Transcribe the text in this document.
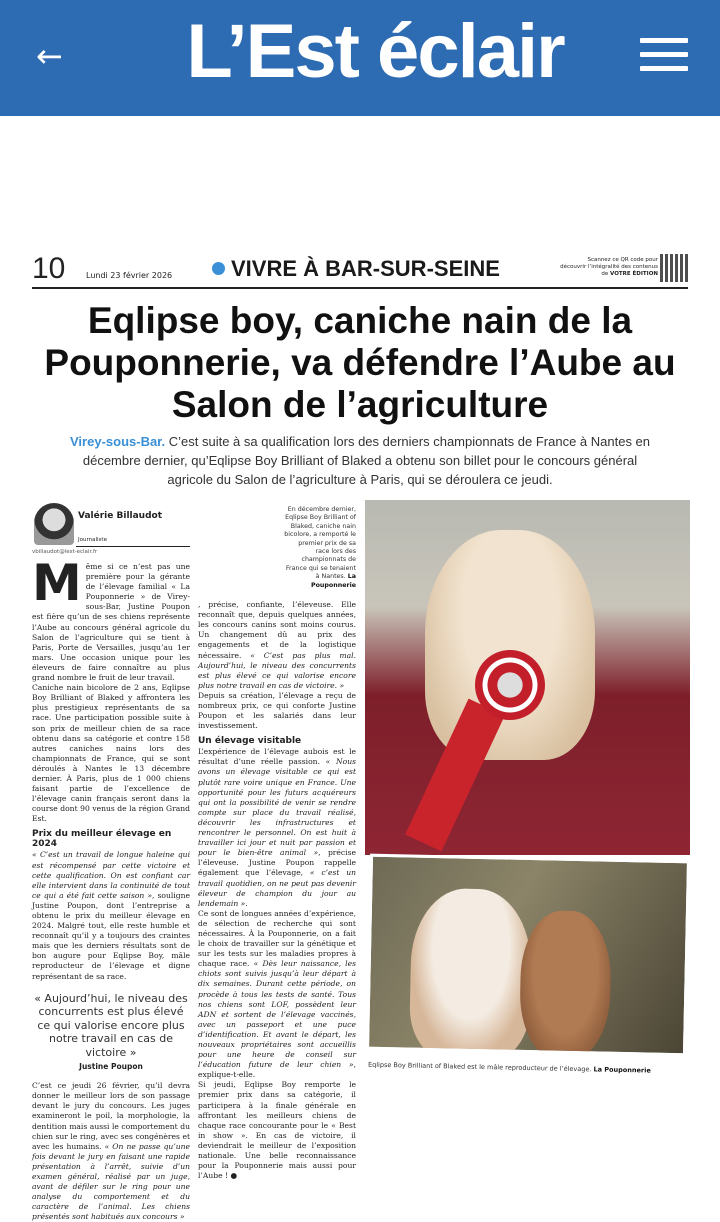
←	L’Est éclair
10	Lundi 23 février 2026	VIVRE À BAR-SUR-SEINE	Scannez ce QR code pour découvrir l’intégralité des contenus de VOTRE ÉDITION
Eqlipse boy, caniche nain de la Pouponnerie, va défendre l’Aube au Salon de l’agriculture
Virey-sous-Bar. C’est suite à sa qualification lors des derniers championnats de France à Nantes en décembre dernier, qu’Eqlipse Boy Brilliant of Blaked a obtenu son billet pour le concours général agricole du Salon de l’agriculture à Paris, qui se déroulera ce jeudi.
Valérie Billaudot
Journaliste
vbillaudot@lest-eclair.fr

Même si ce n’est pas une première pour la gérante de l’élevage familial « La Pouponnerie » de Virey-sous-Bar, Justine Poupon est fière qu’un de ses chiens représente l’Aube au concours général agricole du Salon de l’agriculture qui se tient à Paris, Porte de Versailles, jusqu’au 1er mars. Une occasion unique pour les éleveurs de faire connaître au plus grand nombre le fruit de leur travail.

Caniche nain bicolore de 2 ans, Eqlipse Boy Brilliant of Blaked y affrontera les plus prestigieux représentants de sa race. Une participation possible suite à son prix de meilleur chien de sa race obtenu dans sa catégorie et contre 158 autres caniches nains lors des championnats de France, qui se sont déroulés à Nantes le 13 décembre dernier. À Paris, plus de 1 000 chiens faisant partie de l’excellence de l’élevage canin français seront dans la course dont 90 venus de la région Grand Est.

Prix du meilleur élevage en 2024

« C’est un travail de longue haleine qui est récompensé par cette victoire et cette qualification. On est confiant car elle intervient dans la continuité de tout ce qui a été fait cette saison », souligne Justine Poupon, dont l’entreprise a obtenu le prix du meilleur élevage en 2024. Malgré tout, elle reste humble et reconnaît qu’il y a toujours des craintes mais que les derniers résultats sont de bon augure pour Eqlipse Boy, mâle reproducteur de l’élevage et digne représentant de sa race.

« Aujourd’hui, le niveau des concurrents est plus élevé ce qui valorise encore plus notre travail en cas de victoire »
Justine Poupon

C’est ce jeudi 26 février, qu’il devra donner le meilleur lors de son passage devant le jury du concours. Les juges examineront le poil, la morphologie, la dentition mais aussi le comportement du chien sur le ring, avec ses congénères et avec les humains. « On ne passe qu’une fois devant le jury en faisant une rapide présentation à l’arrêt, suivie d’un examen général, réalisé par un juge, avant de défiler sur le ring pour une analyse du comportement et du caractère de l’animal. Les chiens présentés sont habitués aux concours »

En décembre dernier, Eqlipse Boy Brilliant of Blaked, caniche nain bicolore, a remporté le premier prix de sa race lors des championnats de France qui se tenaient à Nantes. La Pouponnerie

, précise, confiante, l’éleveuse. Elle reconnaît que, depuis quelques années, les concours canins sont moins courus. Un changement dû au prix des engagements et de la logistique nécessaire. « C’est pas plus mal. Aujourd’hui, le niveau des concurrents est plus élevé ce qui valorise encore plus notre travail en cas de victoire. »

Depuis sa création, l’élevage a reçu de nombreux prix, ce qui conforte Justine Poupon et les salariés dans leur investissement.

Un élevage visitable

L’expérience de l’élevage aubois est le résultat d’une réelle passion. « Nous avons un élevage visitable ce qui est plutôt rare voire unique en France. Une opportunité pour les futurs acquéreurs qui ont la possibilité de venir se rendre compte sur place du travail réalisé, découvrir les infrastructures et rencontrer le personnel. On est huit à travailler ici jour et nuit par passion et pour le bien-être animal », précise l’éleveuse. Justine Poupon rappelle également que l’élevage, « c’est un travail quotidien, on ne peut pas devenir éleveur de champion du jour au lendemain ».

Ce sont de longues années d’expérience, de sélection de recherche qui sont nécessaires. À la Pouponnerie, on a fait le choix de travailler sur la génétique et sur les tests sur les maladies propres à chaque race. « Dès leur naissance, les chiots sont suivis jusqu’à leur départ à dix semaines. Durant cette période, on procède à tous les tests de santé. Tous nos chiens sont LOF, possèdent leur ADN et sortent de l’élevage vaccinés, avec un passeport et une puce d’identification. Et avant le départ, les nouveaux propriétaires sont accueillis pour une heure de conseil sur l’éducation future de leur chien », explique-t-elle.

Si jeudi, Eqlipse Boy remporte le premier prix dans sa catégorie, il participera à la finale générale en affrontant les meilleurs chiens de chaque race concourante pour le « Best in show ». En cas de victoire, il deviendrait le meilleur de l’exposition nationale. Une belle reconnaissance pour la Pouponnerie mais aussi pour l’Aube ! ●

Eqlipse Boy Brilliant of Blaked est le mâle reproducteur de l’élevage. La Pouponnerie
